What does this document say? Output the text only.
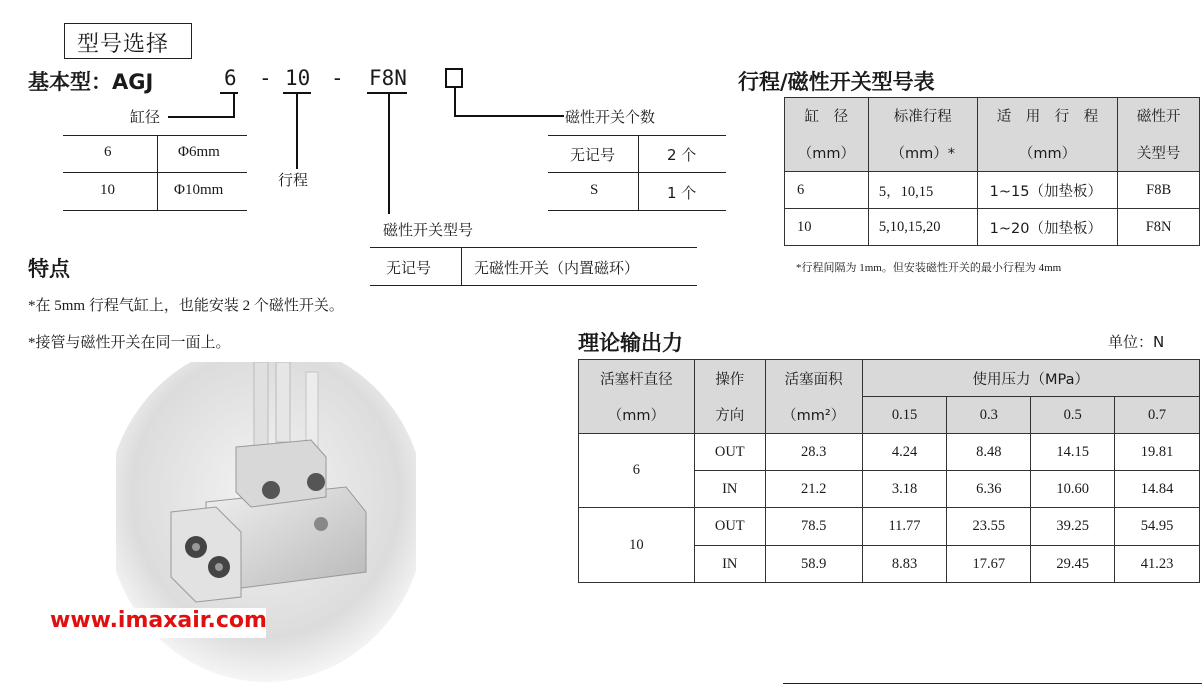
型号选择
基本型：AGJ	6 - 10 - F8N
缸径
6	Φ6mm
10	Φ10mm
行程
磁性开关型号
无记号	无磁性开关（内置磁环）
磁性开关个数
无记号	2 个
S	1 个
特点
*在 5mm 行程气缸上，也能安装 2 个磁性开关。
*接管与磁性开关在同一面上。
www.imaxair.com
行程/磁性开关型号表
缸　径	标准行程	适　用　行　程	磁性开
（mm）	（mm）*	（mm）	关型号
6	5，10,15	1~15（加垫板）	F8B
10	5,10,15,20	1~20（加垫板）	F8N
*行程间隔为 1mm。但安装磁性开关的最小行程为 4mm
理论输出力	单位：N
活塞杆直径	操作	活塞面积	使用压力（MPa）			
（mm）	方向	（mm²）	0.15	0.3	0.5	0.7
6	OUT	28.3	4.24	8.48	14.15	19.81
	IN	21.2	3.18	6.36	10.60	14.84
10	OUT	78.5	11.77	23.55	39.25	54.95
	IN	58.9	8.83	17.67	29.45	41.23
